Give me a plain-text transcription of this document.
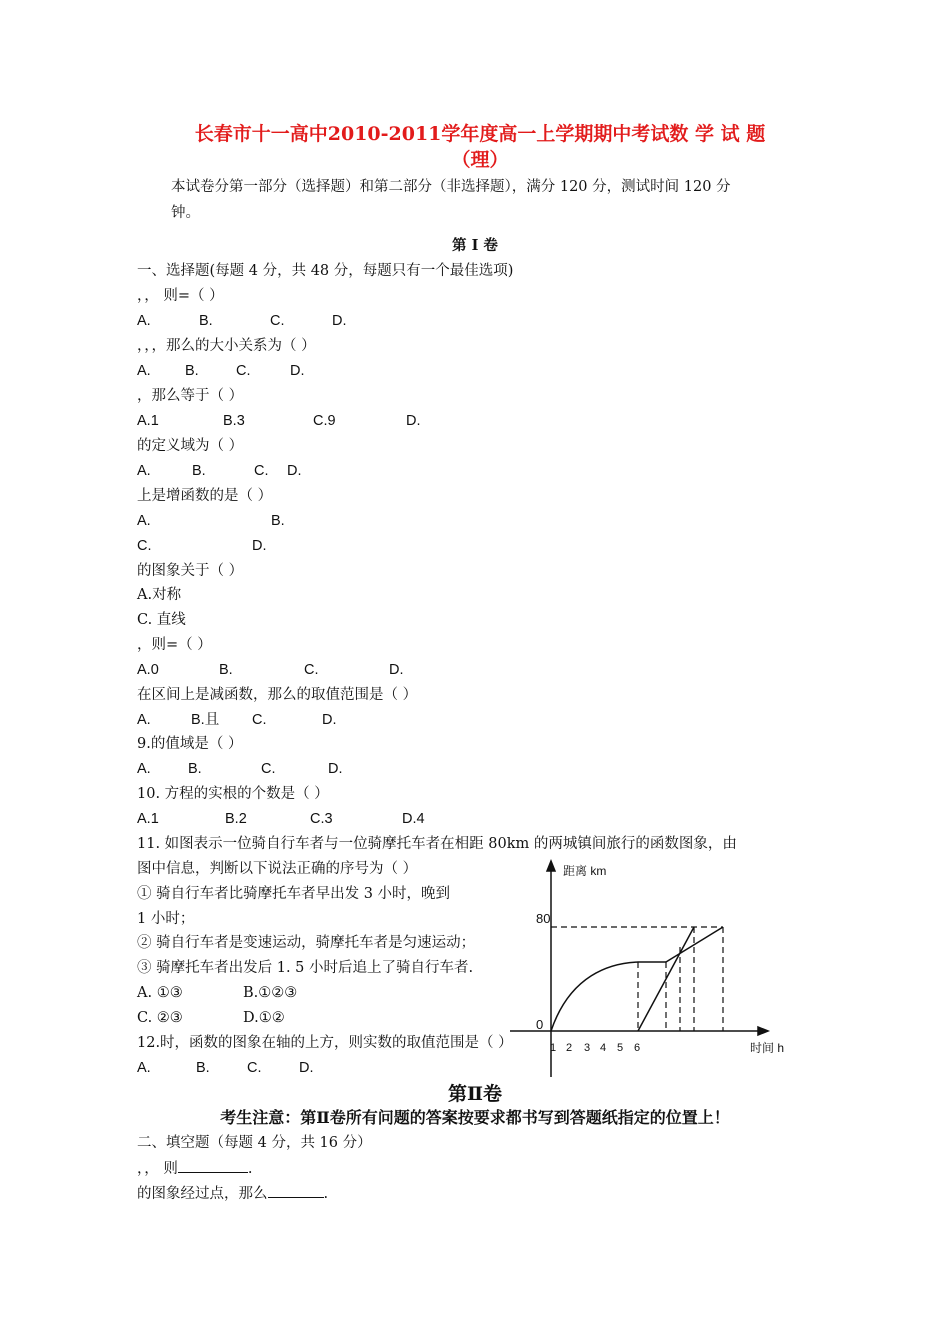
长春市十一高中2010-2011学年度高一上学期期中考试数 学 试 题
（理）
本试卷分第一部分（选择题）和第二部分（非选择题），满分 120 分，测试时间 120 分
钟。
第 I 卷
一、选择题(每题 4 分，共 48 分，每题只有一个最佳选项)
，， 则=（ ）
A.	B.	C.	D.
，，，那么的大小关系为（ ）
A. B.	C.	D.
，那么等于（ ）
A.1	B.3	C.9	D.
的定义域为（ ）
A.	B.	C. D.
上是增函数的是（ ）
A.	B.
C.	D.
的图象关于（ ）
A.对称
C. 直线
，则=（ ）
A.0	B.	C.	D.
在区间上是减函数，那么的取值范围是（ ）
A.	B.且 C.	D.
9.的值域是（ ）
A.	B.	C.	D.
10. 方程的实根的个数是（ ）
A.1	B.2	C.3	D.4
11. 如图表示一位骑自行车者与一位骑摩托车者在相距 80km 的两城镇间旅行的函数图象，由
图中信息，判断以下说法正确的序号为（ ）
① 骑自行车者比骑摩托车者早出发 3 小时，晚到
1 小时；
② 骑自行车者是变速运动，骑摩托车者是匀速运动；
③ 骑摩托车者出发后 1. 5 小时后追上了骑自行车者.
A. ①③	B.①②③
C. ②③	D.①②
距离 km
80
0
时间 h
1 2 3 4 5 6
12.时，函数的图象在轴的上方，则实数的取值范围是（ ）
A.	B.	C.	D.
第Ⅱ卷
考生注意：第Ⅱ卷所有问题的答案按要求都书写到答题纸指定的位置上！
二、填空题（每题 4 分，共 16 分）
，， 则	.
的图象经过点，那么	.
